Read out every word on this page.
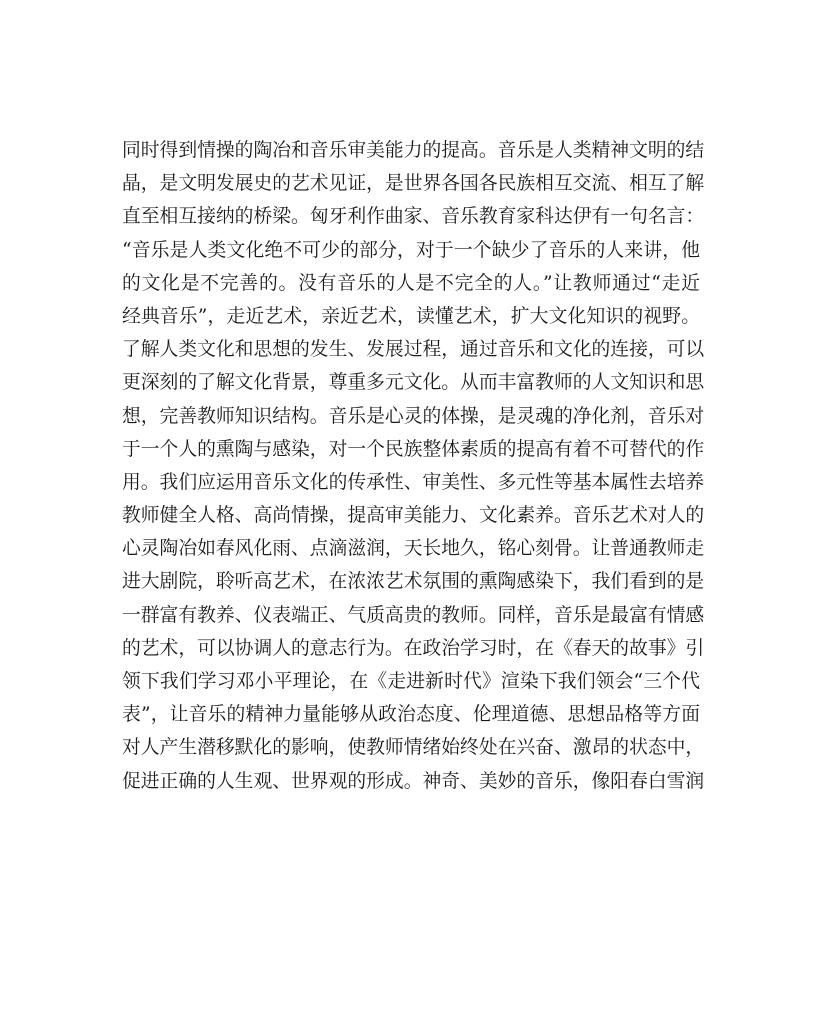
同时得到情操的陶冶和音乐审美能力的提高。音乐是人类精神文明的结
晶，是文明发展史的艺术见证，是世界各国各民族相互交流、相互了解
直至相互接纳的桥梁。匈牙利作曲家、音乐教育家科达伊有一句名言：
“音乐是人类文化绝不可少的部分，对于一个缺少了音乐的人来讲，他
的文化是不完善的。没有音乐的人是不完全的人。”让教师通过“走近
经典音乐”，走近艺术，亲近艺术，读懂艺术，扩大文化知识的视野。
了解人类文化和思想的发生、发展过程，通过音乐和文化的连接，可以
更深刻的了解文化背景，尊重多元文化。从而丰富教师的人文知识和思
想，完善教师知识结构。音乐是心灵的体操，是灵魂的净化剂，音乐对
于一个人的熏陶与感染，对一个民族整体素质的提高有着不可替代的作
用。我们应运用音乐文化的传承性、审美性、多元性等基本属性去培养
教师健全人格、高尚情操，提高审美能力、文化素养。音乐艺术对人的
心灵陶冶如春风化雨、点滴滋润，天长地久，铭心刻骨。让普通教师走
进大剧院，聆听高艺术，在浓浓艺术氛围的熏陶感染下，我们看到的是
一群富有教养、仪表端正、气质高贵的教师。同样，音乐是最富有情感
的艺术，可以协调人的意志行为。在政治学习时，在《春天的故事》引
领下我们学习邓小平理论，在《走进新时代》渲染下我们领会“三个代
表”，让音乐的精神力量能够从政治态度、伦理道德、思想品格等方面
对人产生潜移默化的影响，使教师情绪始终处在兴奋、激昂的状态中，
促进正确的人生观、世界观的形成。神奇、美妙的音乐，像阳春白雪润
